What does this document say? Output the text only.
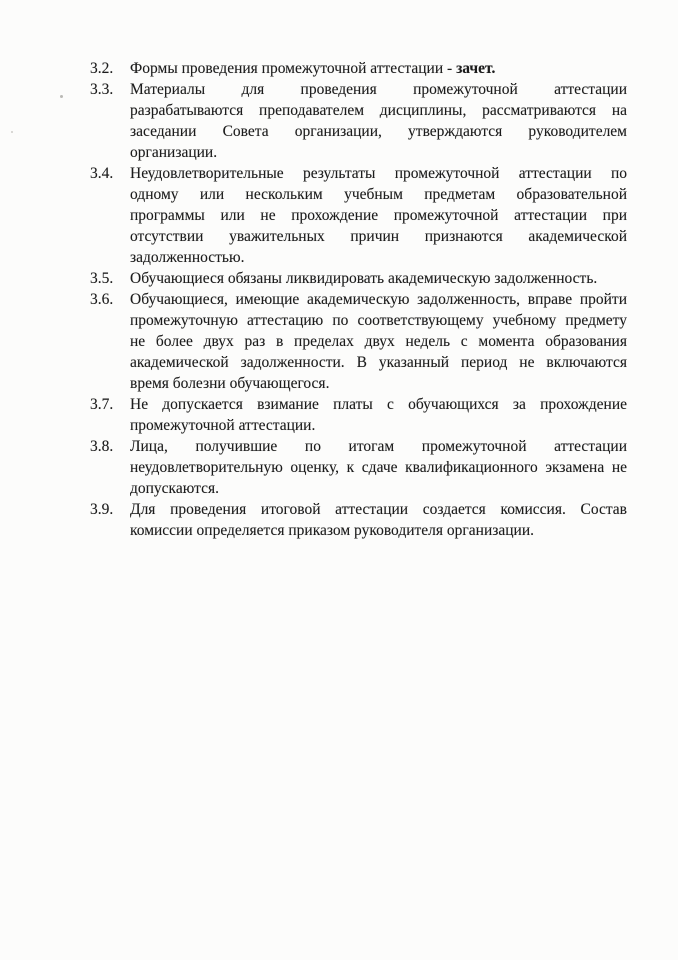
3.2.	Формы проведения промежуточной аттестации - зачет.
3.3.	Материалы для проведения промежуточной аттестации
разрабатываются преподавателем дисциплины, рассматриваются на
заседании Совета организации, утверждаются руководителем
организации.
3.4.	Неудовлетворительные результаты промежуточной аттестации по
одному или нескольким учебным предметам образовательной
программы или не прохождение промежуточной аттестации при
отсутствии уважительных причин признаются академической
задолженностью.
3.5.	Обучающиеся обязаны ликвидировать академическую задолженность.
3.6.	Обучающиеся, имеющие академическую задолженность, вправе пройти
промежуточную аттестацию по соответствующему учебному предмету
не более двух раз в пределах двух недель с момента образования
академической задолженности. В указанный период не включаются
время болезни обучающегося.
3.7.	Не допускается взимание платы с обучающихся за прохождение
промежуточной аттестации.
3.8.	Лица, получившие по итогам промежуточной аттестации
неудовлетворительную оценку, к сдаче квалификационного экзамена не
допускаются.
3.9.	Для проведения итоговой аттестации создается комиссия. Состав
комиссии определяется приказом руководителя организации.
